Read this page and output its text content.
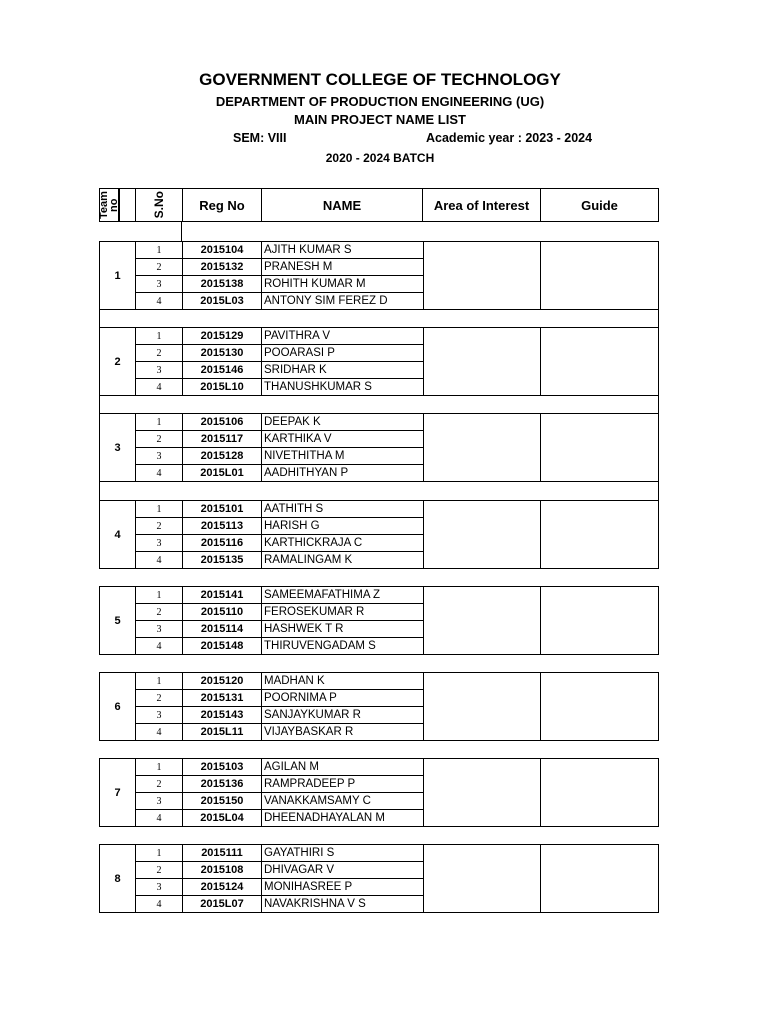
GOVERNMENT COLLEGE OF TECHNOLOGY
DEPARTMENT OF PRODUCTION ENGINEERING (UG)
MAIN PROJECT NAME LIST
SEM: VIII	Academic year : 2023 - 2024
2020 - 2024 BATCH
Team no	S.No	Reg No	NAME	Area of Interest	Guide
1
1	2015104	AJITH KUMAR S
2	2015132	PRANESH M
3	2015138	ROHITH KUMAR M
4	2015L03	ANTONY SIM FEREZ D
2
1	2015129	PAVITHRA V
2	2015130	POOARASI P
3	2015146	SRIDHAR K
4	2015L10	THANUSHKUMAR S
3
1	2015106	DEEPAK K
2	2015117	KARTHIKA V
3	2015128	NIVETHITHA M
4	2015L01	AADHITHYAN P
4
1	2015101	AATHITH S
2	2015113	HARISH G
3	2015116	KARTHICKRAJA C
4	2015135	RAMALINGAM K
5
1	2015141	SAMEEMAFATHIMA Z
2	2015110	FEROSEKUMAR R
3	2015114	HASHWEK T R
4	2015148	THIRUVENGADAM S
6
1	2015120	MADHAN K
2	2015131	POORNIMA P
3	2015143	SANJAYKUMAR R
4	2015L11	VIJAYBASKAR R
7
1	2015103	AGILAN M
2	2015136	RAMPRADEEP P
3	2015150	VANAKKAMSAMY C
4	2015L04	DHEENADHAYALAN M
8
1	2015111	GAYATHIRI S
2	2015108	DHIVAGAR V
3	2015124	MONIHASREE P
4	2015L07	NAVAKRISHNA V S
